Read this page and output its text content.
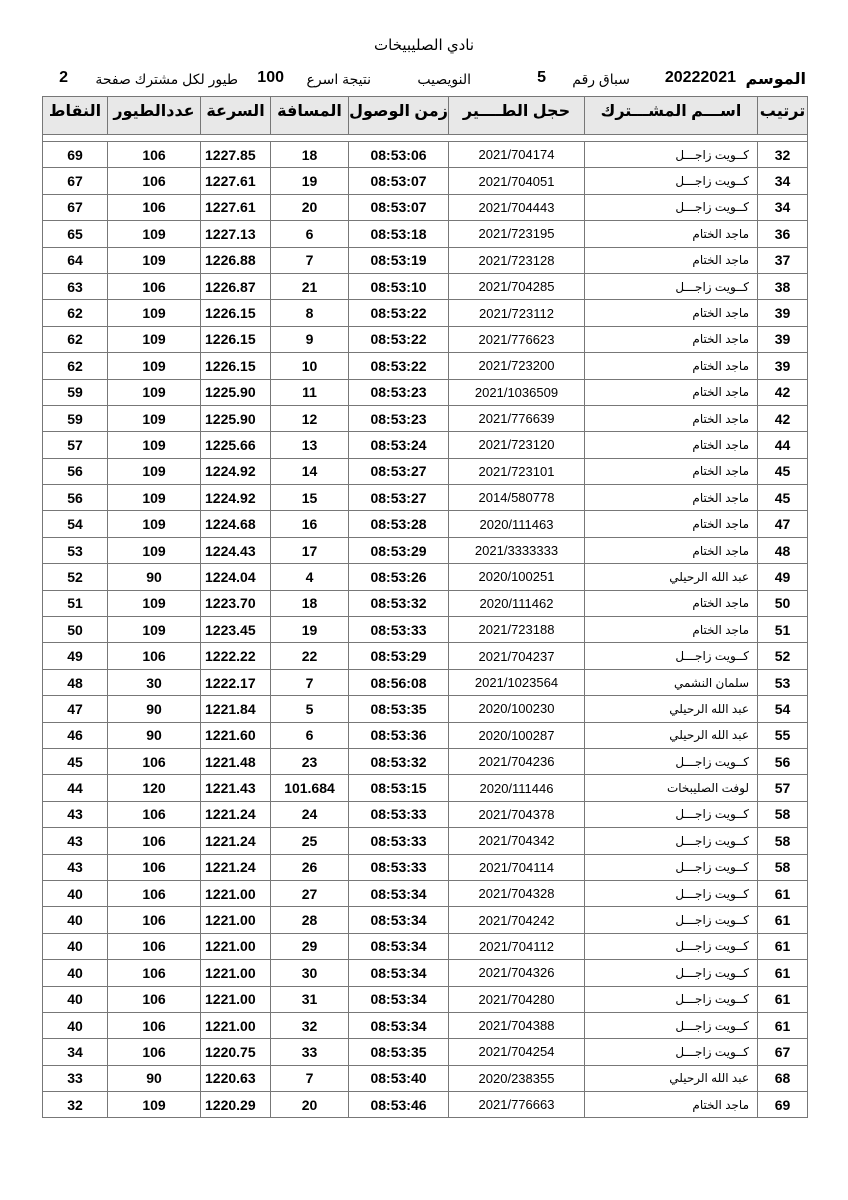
نادي الصليبيخات
الموسم
20222021
سباق رقم
5
النويصيب
نتيجة اسرع
100
طيور لكل مشترك صفحة
2
ترتيب	اســـم المشـــترك	حجل الطــــير	زمن الوصول	المسافة	السرعة	عددالطيور	النقاط

32	كــويت زاجـــل	2021/704174	08:53:06	18	1227.85	106	69
34	كــويت زاجـــل	2021/704051	08:53:07	19	1227.61	106	67
34	كــويت زاجـــل	2021/704443	08:53:07	20	1227.61	106	67
36	ماجد الختام	2021/723195	08:53:18	6	1227.13	109	65
37	ماجد الختام	2021/723128	08:53:19	7	1226.88	109	64
38	كــويت زاجـــل	2021/704285	08:53:10	21	1226.87	106	63
39	ماجد الختام	2021/723112	08:53:22	8	1226.15	109	62
39	ماجد الختام	2021/776623	08:53:22	9	1226.15	109	62
39	ماجد الختام	2021/723200	08:53:22	10	1226.15	109	62
42	ماجد الختام	2021/1036509	08:53:23	11	1225.90	109	59
42	ماجد الختام	2021/776639	08:53:23	12	1225.90	109	59
44	ماجد الختام	2021/723120	08:53:24	13	1225.66	109	57
45	ماجد الختام	2021/723101	08:53:27	14	1224.92	109	56
45	ماجد الختام	2014/580778	08:53:27	15	1224.92	109	56
47	ماجد الختام	2020/111463	08:53:28	16	1224.68	109	54
48	ماجد الختام	2021/3333333	08:53:29	17	1224.43	109	53
49	عبد الله الرحيلي	2020/100251	08:53:26	4	1224.04	90	52
50	ماجد الختام	2020/111462	08:53:32	18	1223.70	109	51
51	ماجد الختام	2021/723188	08:53:33	19	1223.45	109	50
52	كــويت زاجـــل	2021/704237	08:53:29	22	1222.22	106	49
53	سلمان النشمي	2021/1023564	08:56:08	7	1222.17	30	48
54	عبد الله الرحيلي	2020/100230	08:53:35	5	1221.84	90	47
55	عبد الله الرحيلي	2020/100287	08:53:36	6	1221.60	90	46
56	كــويت زاجـــل	2021/704236	08:53:32	23	1221.48	106	45
57	لوفت الصليبخات	2020/111446	08:53:15	101.684	1221.43	120	44
58	كــويت زاجـــل	2021/704378	08:53:33	24	1221.24	106	43
58	كــويت زاجـــل	2021/704342	08:53:33	25	1221.24	106	43
58	كــويت زاجـــل	2021/704114	08:53:33	26	1221.24	106	43
61	كــويت زاجـــل	2021/704328	08:53:34	27	1221.00	106	40
61	كــويت زاجـــل	2021/704242	08:53:34	28	1221.00	106	40
61	كــويت زاجـــل	2021/704112	08:53:34	29	1221.00	106	40
61	كــويت زاجـــل	2021/704326	08:53:34	30	1221.00	106	40
61	كــويت زاجـــل	2021/704280	08:53:34	31	1221.00	106	40
61	كــويت زاجـــل	2021/704388	08:53:34	32	1221.00	106	40
67	كــويت زاجـــل	2021/704254	08:53:35	33	1220.75	106	34
68	عبد الله الرحيلي	2020/238355	08:53:40	7	1220.63	90	33
69	ماجد الختام	2021/776663	08:53:46	20	1220.29	109	32
